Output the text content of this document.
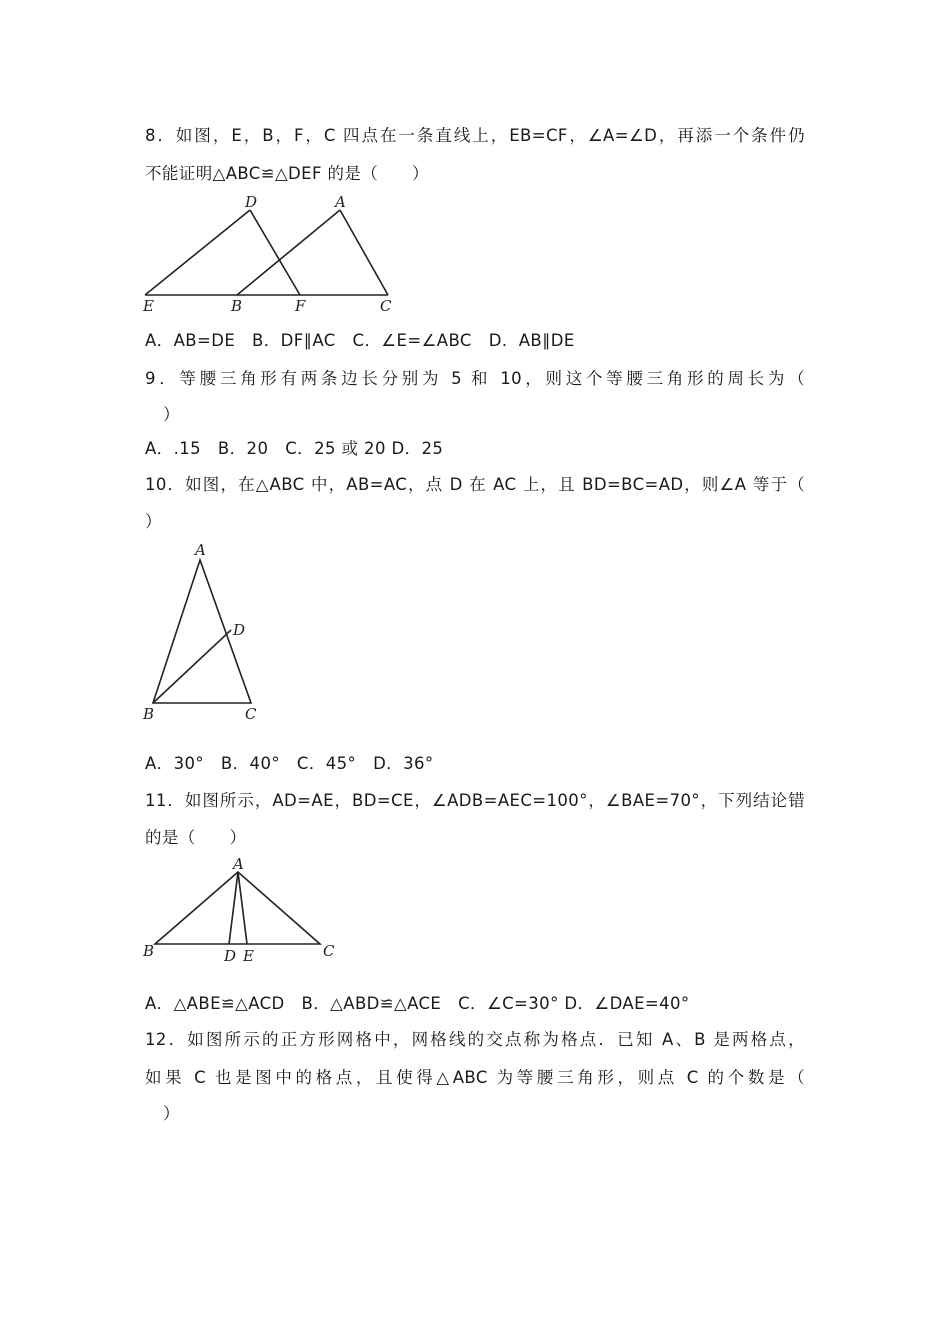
8．如图，E，B，F，C 四点在一条直线上，EB=CF，∠A=∠D，再添一个条件仍
不能证明△ABC≌△DEF 的是（　　）
D	A
E	B	F	C
A．AB=DE　B．DF∥AC　C．∠E=∠ABC　D．AB∥DE
9．等腰三角形有两条边长分别为 5 和 10，则这个等腰三角形的周长为（
）
A．.15　B．20　C．25 或 20 D．25
10．如图，在△ABC 中，AB=AC，点 D 在 AC 上，且 BD=BC=AD，则∠A 等于（
）
A
D
B	C
A．30°　B．40°　C．45°　D．36°
11．如图所示，AD=AE，BD=CE，∠ADB=AEC=100°，∠BAE=70°，下列结论错
的是（　　）
A
B	D E	C
A．△ABE≌△ACD　B．△ABD≌△ACE　C．∠C=30° D．∠DAE=40°
12．如图所示的正方形网格中，网格线的交点称为格点．已知 A、B 是两格点，
如果 C 也是图中的格点，且使得△ABC 为等腰三角形，则点 C 的个数是（
）
